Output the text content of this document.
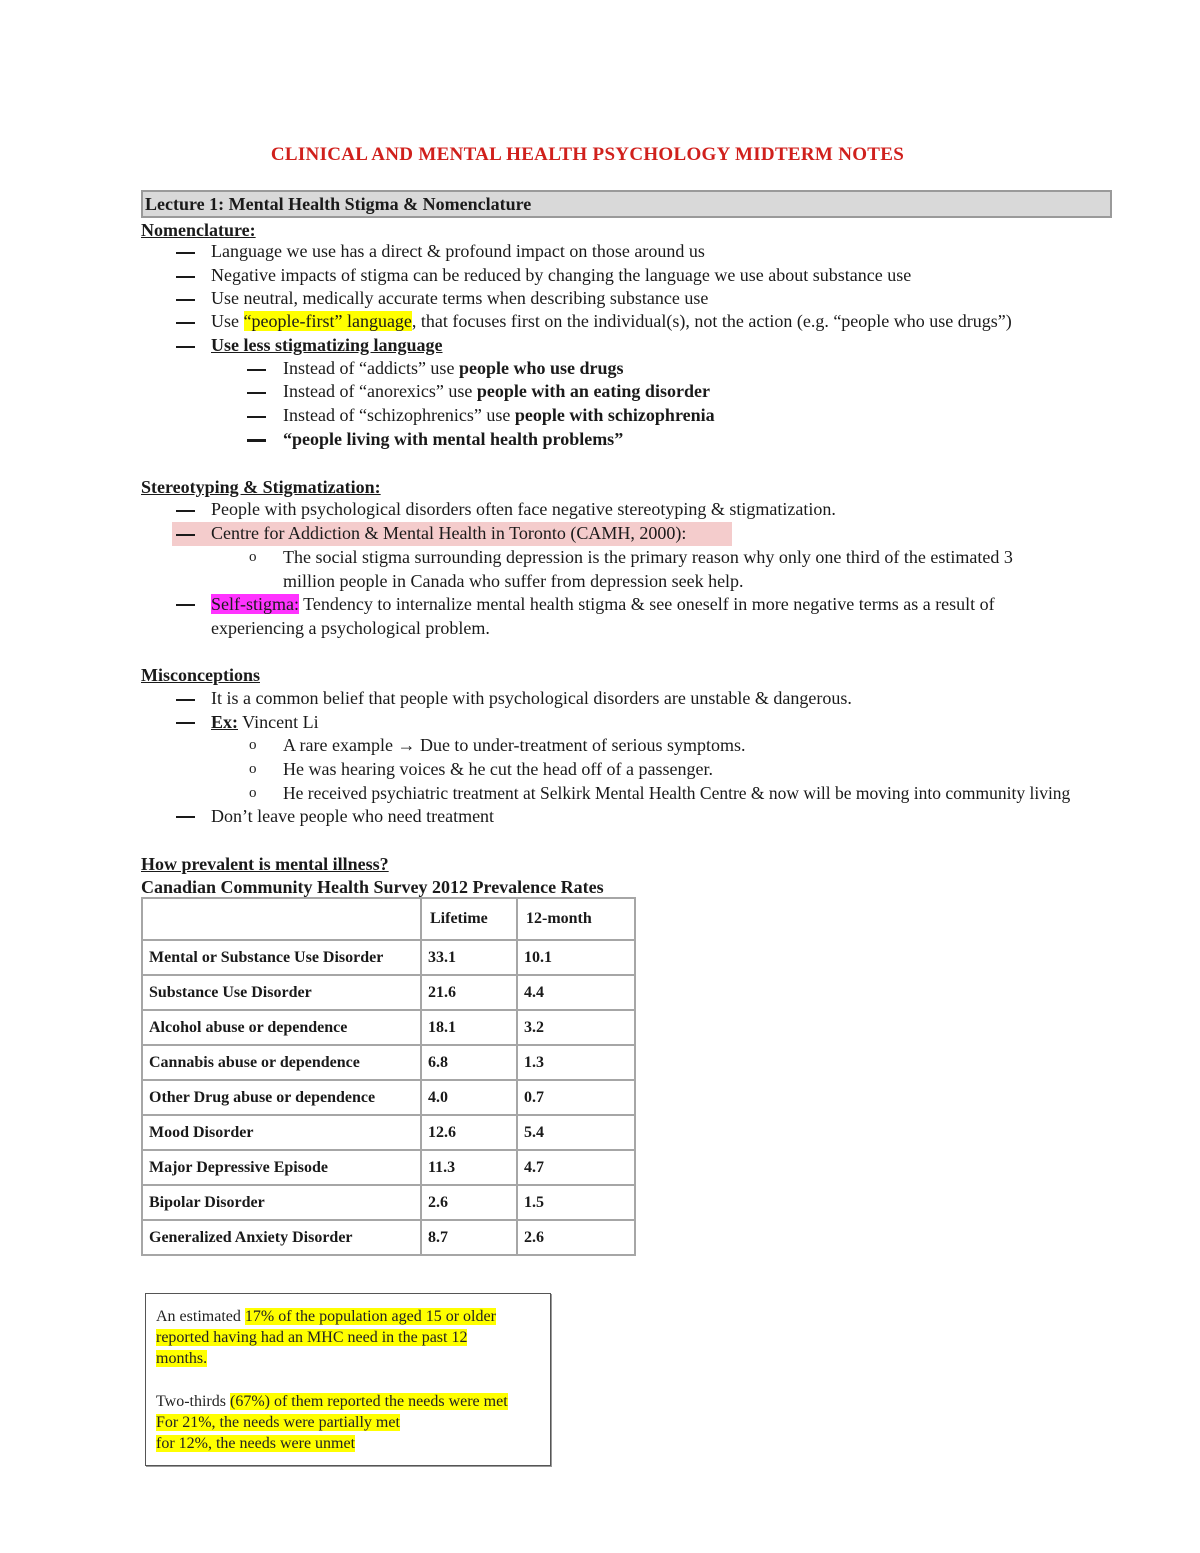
CLINICAL AND MENTAL HEALTH PSYCHOLOGY MIDTERM NOTES
Lecture 1: Mental Health Stigma & Nomenclature
Nomenclature:
Language we use has a direct & profound impact on those around us
Negative impacts of stigma can be reduced by changing the language we use about substance use
Use neutral, medically accurate terms when describing substance use
Use “people-first” language, that focuses first on the individual(s), not the action (e.g. “people who use drugs”)
Use less stigmatizing language
Instead of “addicts” use people who use drugs
Instead of “anorexics” use people with an eating disorder
Instead of “schizophrenics” use people with schizophrenia
“people living with mental health problems”
Stereotyping & Stigmatization:
People with psychological disorders often face negative stereotyping & stigmatization.
Centre for Addiction & Mental Health in Toronto (CAMH, 2000):
o The social stigma surrounding depression is the primary reason why only one third of the estimated 3
million people in Canada who suffer from depression seek help.
Self-stigma: Tendency to internalize mental health stigma & see oneself in more negative terms as a result of
experiencing a psychological problem.
Misconceptions
It is a common belief that people with psychological disorders are unstable & dangerous.
Ex: Vincent Li
o A rare example → Due to under-treatment of serious symptoms.
o He was hearing voices & he cut the head off of a passenger.
o He received psychiatric treatment at Selkirk Mental Health Centre & now will be moving into community living
Don’t leave people who need treatment
How prevalent is mental illness?
Canadian Community Health Survey 2012 Prevalence Rates
	Lifetime	12-month
Mental or Substance Use Disorder	33.1	10.1
Substance Use Disorder	21.6	4.4
Alcohol abuse or dependence	18.1	3.2
Cannabis abuse or dependence	6.8	1.3
Other Drug abuse or dependence	4.0	0.7
Mood Disorder	12.6	5.4
Major Depressive Episode	11.3	4.7
Bipolar Disorder	2.6	1.5
Generalized Anxiety Disorder	8.7	2.6
An estimated 17% of the population aged 15 or older
reported having had an MHC need in the past 12
months.
Two-thirds (67%) of them reported the needs were met
For 21%, the needs were partially met
for 12%, the needs were unmet
